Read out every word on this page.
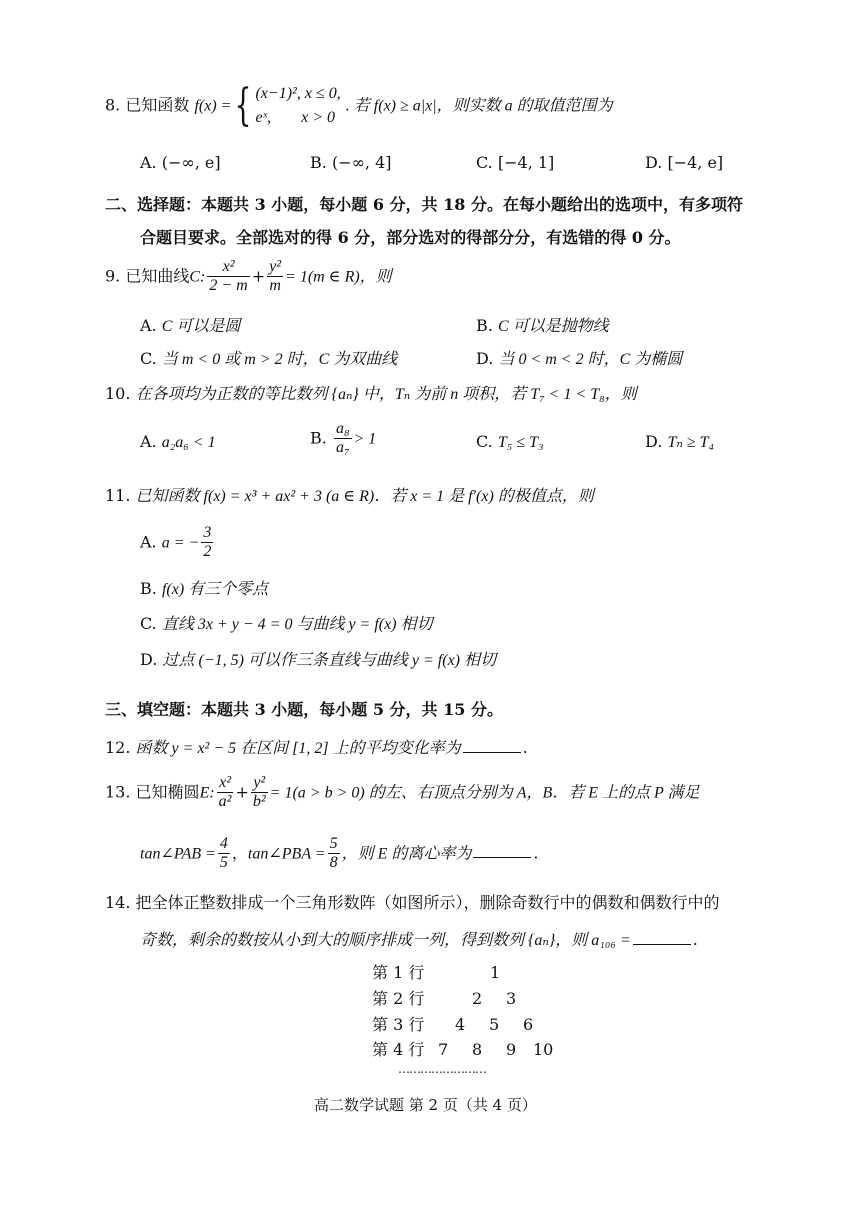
8. 已知函数 f(x) ={ (x−1)², x ≤ 0,
eˣ, x > 0
. 若 f(x) ≥ a|x|，则实数 a 的取值范围为
A. (−∞, e]	B. (−∞, 4]	C. [−4, 1]	D. [−4, e]
二、选择题：本题共 3 小题，每小题 6 分，共 18 分。在每小题给出的选项中，有多项符
合题目要求。全部选对的得 6 分，部分选对的得部分分，有选错的得 0 分。
9. 已知曲线C: $\frac{\text{x²}}{2 - m} + \frac{\text{y²}}{m} = 1(m$ ∈ R)，则
A. C 可以是圆	B. C 可以是抛物线
C. 当 m < 0 或 m > 2 时，C 为双曲线	D. 当 0 < m < 2 时，C 为椭圆
10. 在各项均为正数的等比数列 {aₙ} 中，Tₙ 为前 n 项积，若 T₇ < 1 < T₈，则
A. a₂a₆ < 1	B. $\frac{\text{a₈}}{\text{a₇}} > 1$	C. T₅ ≤ T₃	D. Tₙ ≥ T₄
11. 已知函数 f(x) = x³ + ax² + 3 (a ∈ R)．若 x = 1 是 f′(x) 的极值点，则
A. a = − $\frac{3}{2}$
B. f(x) 有三个零点
C. 直线 3x + y − 4 = 0 与曲线 y = f(x) 相切
D. 过点 (−1, 5) 可以作三条直线与曲线 y = f(x) 相切
三、填空题：本题共 3 小题，每小题 5 分，共 15 分。
12. 函数 y = x² − 5 在区间 [1, 2] 上的平均变化率为	.
13. 已知椭圆E: $\frac{\text{x²}}{\text{a²}} + \frac{\text{y²}}{\text{b²}} = 1(a > b > 0)$ 的左、右顶点分别为 A，B．若 E 上的点 P 满足
tan∠PAB = $\frac{4}{5}$ ，tan∠PBA = $\frac{5}{8}$ ，则 E 的离心率为	.
14. 把全体正整数排成一个三角形数阵（如图所示），删除奇数行中的偶数和偶数行中的
奇数，剩余的数按从小到大的顺序排成一列，得到数列 {aₙ}，则 a₁₀₆ =	.
第 1 行	1
第 2 行	2 3
第 3 行 4 5 6
第 4 行 7 8 9 10
……………………
高二数学试题 第 2 页（共 4 页）
